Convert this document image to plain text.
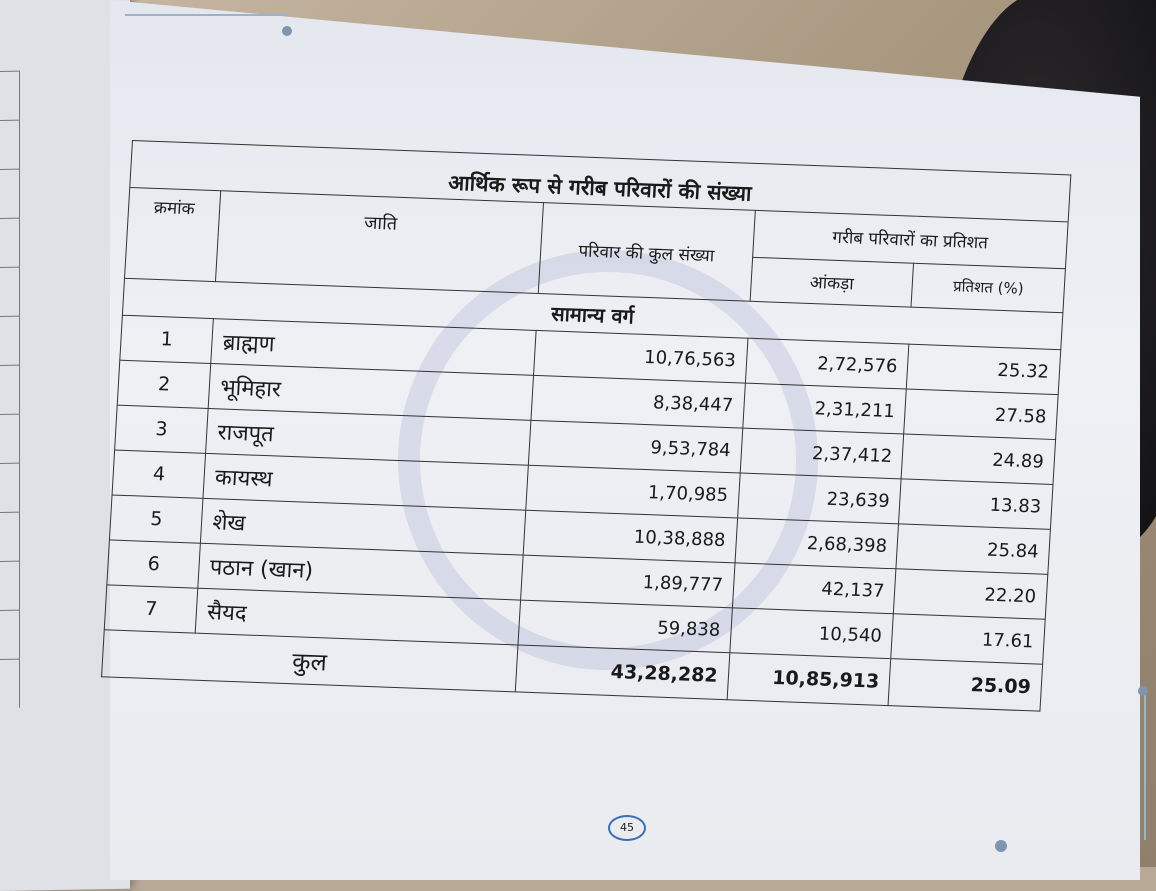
आर्थिक रूप से गरीब परिवारों की संख्या				
क्रमांक	जाति	परिवार की कुल संख्या	गरीब परिवारों का प्रतिशत	
			आंकड़ा	प्रतिशत (%)
सामान्य वर्ग				
1	ब्राह्मण	10,76,563	2,72,576	25.32
2	भूमिहार	8,38,447	2,31,211	27.58
3	राजपूत	9,53,784	2,37,412	24.89
4	कायस्थ	1,70,985	23,639	13.83
5	शेख	10,38,888	2,68,398	25.84
6	पठान (खान)	1,89,777	42,137	22.20
7	सैयद	59,838	10,540	17.61
कुल		43,28,282	10,85,913	25.09
45
